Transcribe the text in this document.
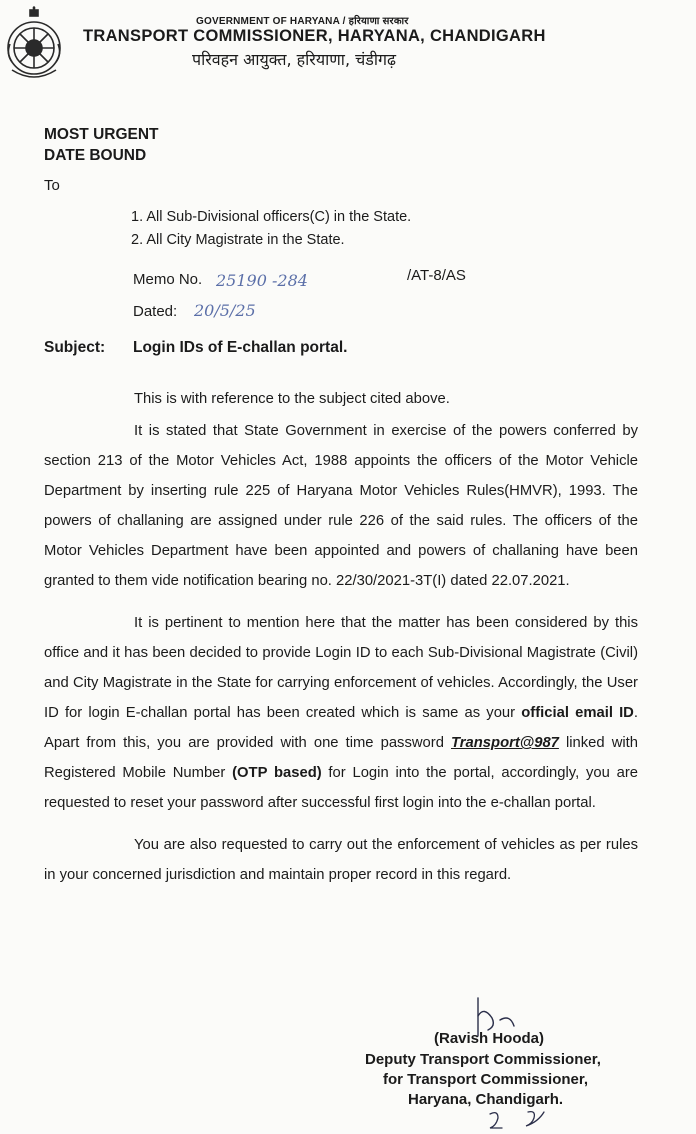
GOVERNMENT OF HARYANA / हरियाणा सरकार
TRANSPORT COMMISSIONER, HARYANA, CHANDIGARH
परिवहन आयुक्त, हरियाणा, चंडीगढ़
MOST URGENT
DATE BOUND
To
1. All Sub-Divisional officers(C) in the State.
2. All City Magistrate in the State.
Memo No. 25190 -284	/AT-8/AS
Dated: 20/5/25
Subject: Login IDs of E-challan portal.

This is with reference to the subject cited above.

It is stated that State Government in exercise of the powers conferred by section 213 of the Motor Vehicles Act, 1988 appoints the officers of the Motor Vehicle Department by inserting rule 225 of Haryana Motor Vehicles Rules(HMVR), 1993. The powers of challaning are assigned under rule 226 of the said rules. The officers of the Motor Vehicles Department have been appointed and powers of challaning have been granted to them vide notification bearing no. 22/30/2021-3T(I) dated 22.07.2021.

It is pertinent to mention here that the matter has been considered by this office and it has been decided to provide Login ID to each Sub-Divisional Magistrate (Civil) and City Magistrate in the State for carrying enforcement of vehicles. Accordingly, the User ID for login E-challan portal has been created which is same as your official email ID. Apart from this, you are provided with one time password Transport@987 linked with Registered Mobile Number (OTP based) for Login into the portal, accordingly, you are requested to reset your password after successful first login into the e-challan portal.

You are also requested to carry out the enforcement of vehicles as per rules in your concerned jurisdiction and maintain proper record in this regard.

(Ravish Hooda)
Deputy Transport Commissioner,
for Transport Commissioner,
Haryana, Chandigarh.
